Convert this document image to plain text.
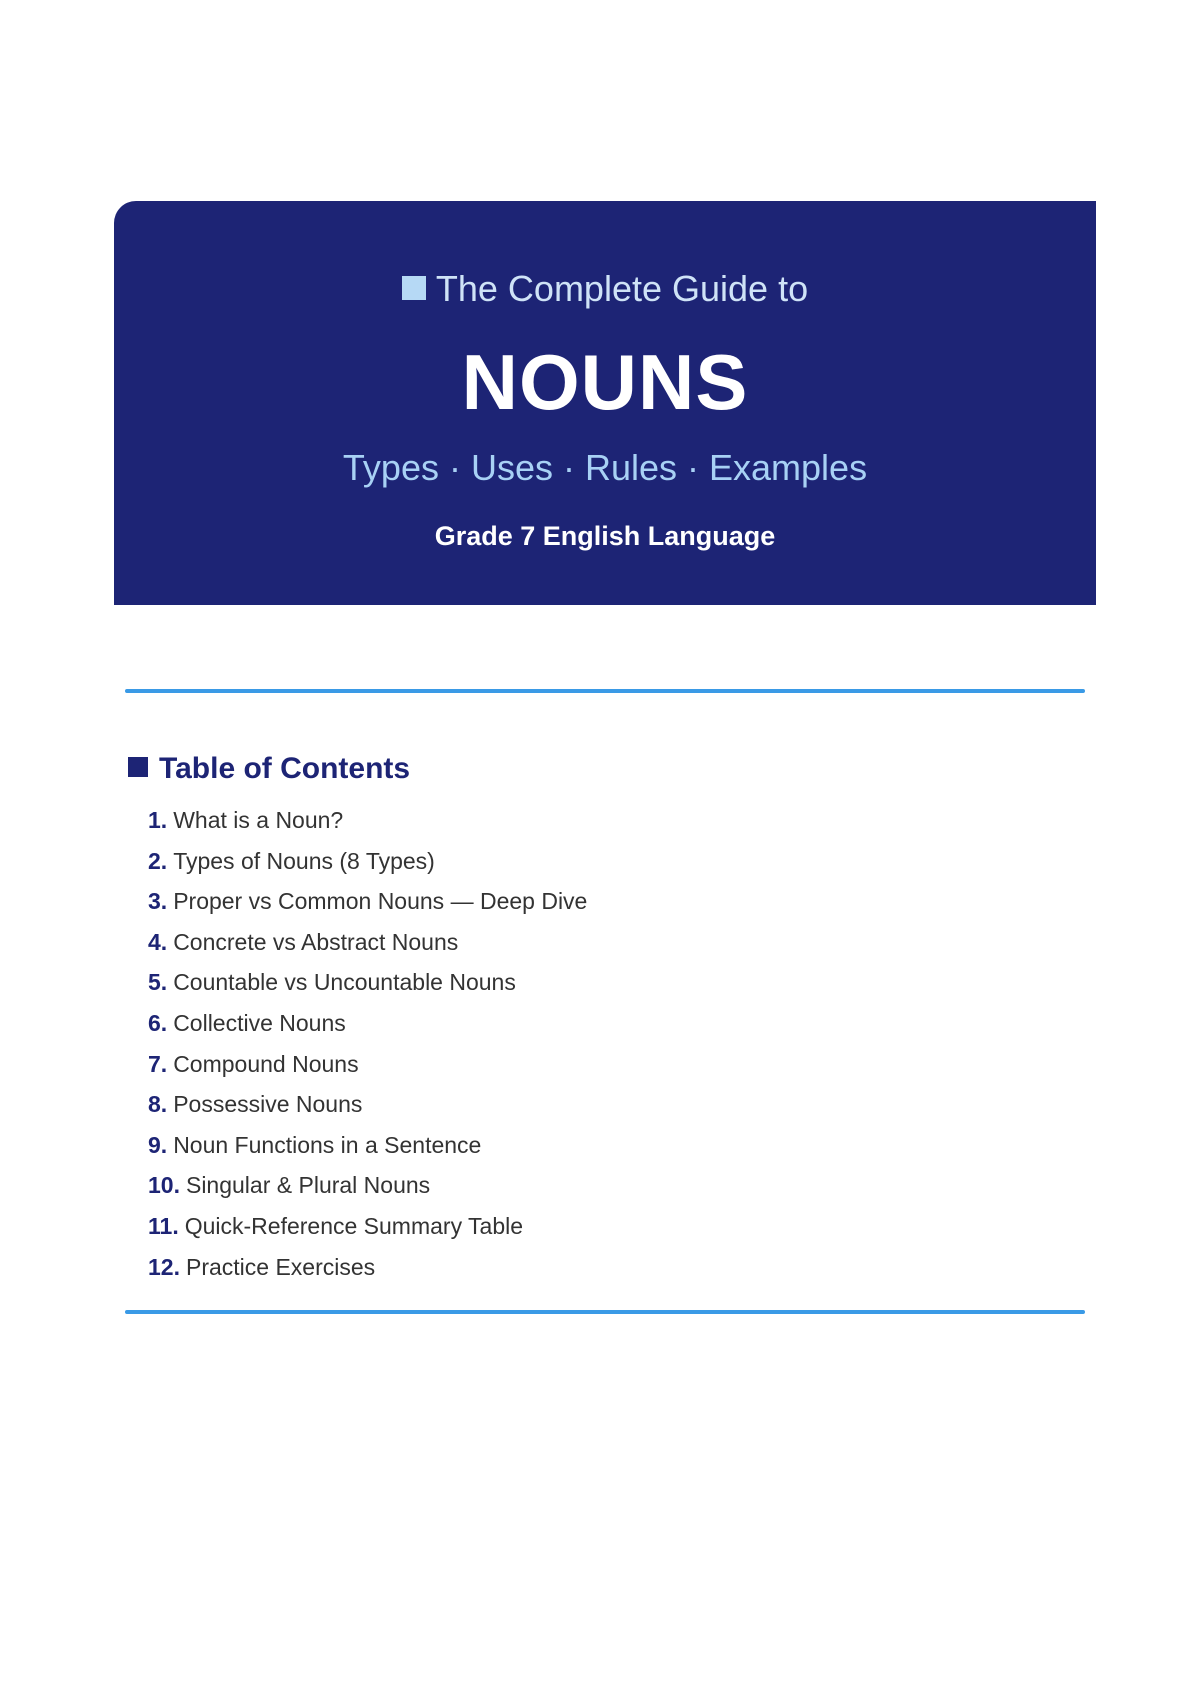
The Complete Guide to
NOUNS
Types · Uses · Rules · Examples
Grade 7 English Language
Table of Contents
1. What is a Noun?
2. Types of Nouns (8 Types)
3. Proper vs Common Nouns — Deep Dive
4. Concrete vs Abstract Nouns
5. Countable vs Uncountable Nouns
6. Collective Nouns
7. Compound Nouns
8. Possessive Nouns
9. Noun Functions in a Sentence
10. Singular & Plural Nouns
11. Quick-Reference Summary Table
12. Practice Exercises
